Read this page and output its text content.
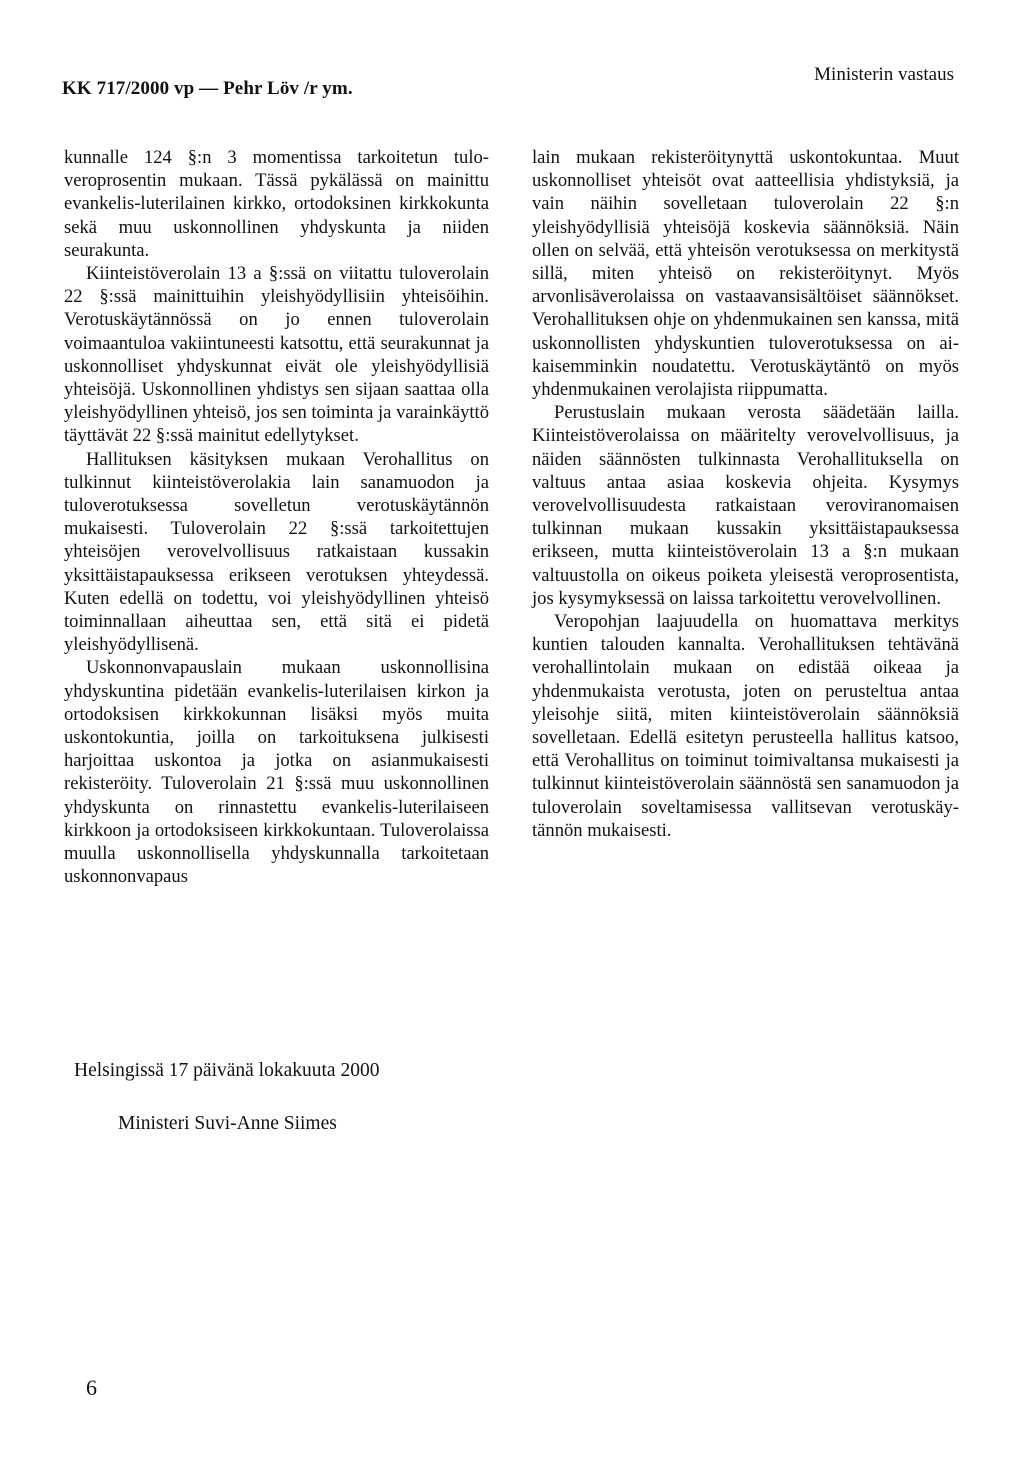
KK 717/2000 vp — Pehr Löv /r ym.
Ministerin vastaus

kunnalle 124 §:n 3 momentissa tarkoitetun tuloveroprosentin mukaan. Tässä pykälässä on mainittu evankelis-luterilainen kirkko, ortodoksinen kirkkokunta sekä muu uskonnollinen yhdyskunta ja niiden seurakunta.

Kiinteistöverolain 13 a §:ssä on viitattu tuloverolain 22 §:ssä mainittuihin yleishyödyllisiin yhteisöihin. Verotuskäytännössä on jo ennen tuloverolain voimaantuloa vakiintuneesti katsottu, että seurakunnat ja uskonnolliset yhdyskunnat eivät ole yleishyödyllisiä yhteisöjä. Uskonnollinen yhdistys sen sijaan saattaa olla yleishyödyllinen yhteisö, jos sen toiminta ja varainkäyttö täyttävät 22 §:ssä mainitut edellytykset.

Hallituksen käsityksen mukaan Verohallitus on tulkinnut kiinteistöverolakia lain sanamuodon ja tuloverotuksessa sovelletun verotuskäytännön mukaisesti. Tuloverolain 22 §:ssä tarkoitettujen yhteisöjen verovelvollisuus ratkaistaan kussakin yksittäistapauksessa erikseen verotuksen yhteydessä. Kuten edellä on todettu, voi yleishyödyllinen yhteisö toiminnallaan aiheuttaa sen, että sitä ei pidetä yleishyödyllisenä.

Uskonnonvapauslain mukaan uskonnollisina yhdyskuntina pidetään evankelis-luterilaisen kirkon ja ortodoksisen kirkkokunnan lisäksi myös muita uskontokuntia, joilla on tarkoituksena julkisesti harjoittaa uskontoa ja jotka on asianmukaisesti rekisteröity. Tuloverolain 21 §:ssä muu uskonnollinen yhdyskunta on rinnastettu evankelis-luterilaiseen kirkkoon ja ortodoksiseen kirkkokuntaan. Tuloverolaissa muulla uskonnollisella yhdyskunnalla tarkoitetaan uskonnonvapaus

lain mukaan rekisteröitynyttä uskontokuntaa. Muut uskonnolliset yhteisöt ovat aatteellisia yhdistyksiä, ja vain näihin sovelletaan tuloverolain 22 §:n yleishyödyllisiä yhteisöjä koskevia säännöksiä. Näin ollen on selvää, että yhteisön verotuksessa on merkitystä sillä, miten yhteisö on rekisteröitynyt. Myös arvonlisäverolaissa on vastaavansisältöiset säännökset. Verohallituksen ohje on yhdenmukainen sen kanssa, mitä uskonnollisten yhdyskuntien tuloverotuksessa on aikaisemminkin noudatettu. Verotuskäytäntö on myös yhdenmukainen verolajista riippumatta.

Perustuslain mukaan verosta säädetään lailla. Kiinteistöverolaissa on määritelty verovelvollisuus, ja näiden säännösten tulkinnasta Verohallituksella on valtuus antaa asiaa koskevia ohjeita. Kysymys verovelvollisuudesta ratkaistaan veroviranomaisen tulkinnan mukaan kussakin yksittäistapauksessa erikseen, mutta kiinteistöverolain 13 a §:n mukaan valtuustolla on oikeus poiketa yleisestä veroprosentista, jos kysymyksessä on laissa tarkoitettu verovelvollinen.

Veropohjan laajuudella on huomattava merkitys kuntien talouden kannalta. Verohallituksen tehtävänä verohallintolain mukaan on edistää oikeaa ja yhdenmukaista verotusta, joten on perusteltua antaa yleisohje siitä, miten kiinteistöverolain säännöksiä sovelletaan. Edellä esitetyn perusteella hallitus katsoo, että Verohallitus on toiminut toimivaltansa mukaisesti ja tulkinnut kiinteistöverolain säännöstä sen sanamuodon ja tuloverolain soveltamisessa vallitsevan verotuskäytännön mukaisesti.

Helsingissä 17 päivänä lokakuuta 2000
Ministeri Suvi-Anne Siimes
6
